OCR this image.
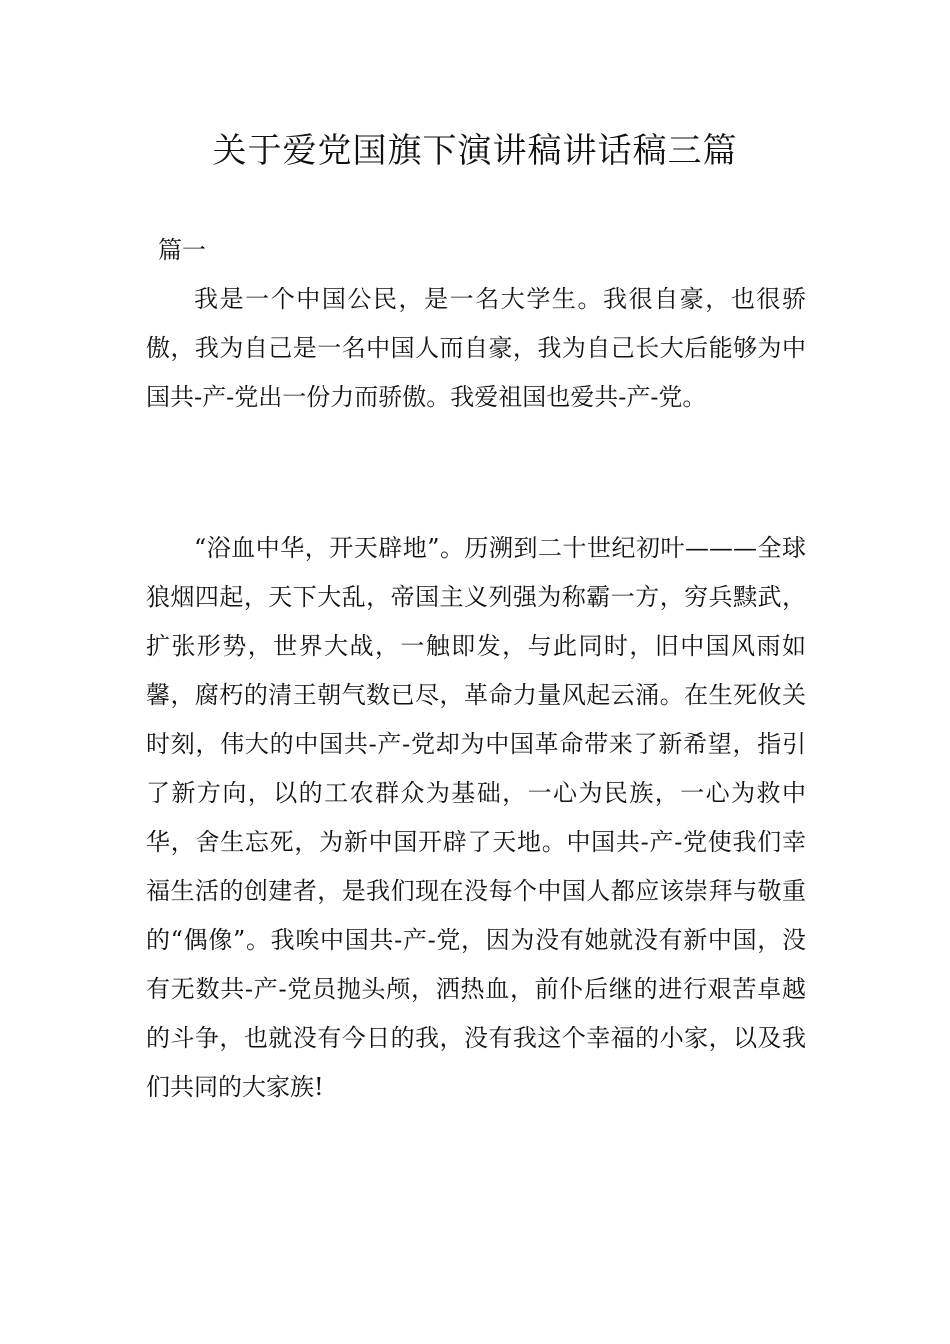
关于爱党国旗下演讲稿讲话稿三篇

篇一

我是一个中国公民，是一名大学生。我很自豪，也很骄傲，我为自己是一名中国人而自豪，我为自己长大后能够为中国共-产-党出一份力而骄傲。我爱祖国也爱共-产-党。

“浴血中华，开天辟地”。历溯到二十世纪初叶———全球狼烟四起，天下大乱，帝国主义列强为称霸一方，穷兵黩武，扩张形势，世界大战，一触即发，与此同时，旧中国风雨如馨，腐朽的清王朝气数已尽，革命力量风起云涌。在生死攸关时刻，伟大的中国共-产-党却为中国革命带来了新希望，指引了新方向，以的工农群众为基础，一心为民族，一心为救中华，舍生忘死，为新中国开辟了天地。中国共-产-党使我们幸福生活的创建者，是我们现在没每个中国人都应该崇拜与敬重的“偶像”。我唉中国共-产-党，因为没有她就没有新中国，没有无数共-产-党员抛头颅，洒热血，前仆后继的进行艰苦卓越的斗争，也就没有今日的我，没有我这个幸福的小家，以及我们共同的大家族!
